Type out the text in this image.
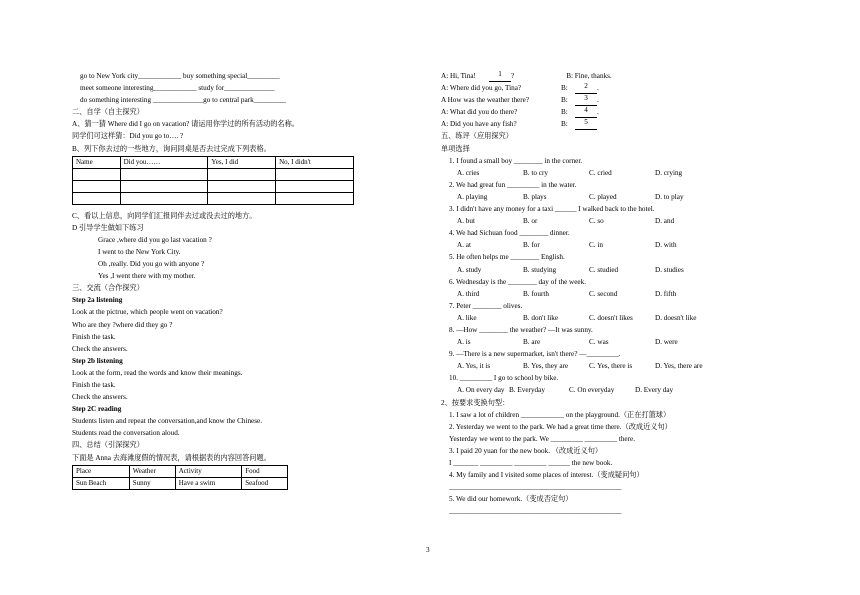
go to New York city____________ buy something special_________
meet someone interesting____________ study for______________
do something interesting ______________go to central park_________
二、自学（自主探究）
A、猜一猜 Where did I go on vacation? 请运用你学过的所有活动的名称。
同学们可这样猜：Did you go to…. ?
B、列下你去过的一些地方，询问同桌是否去过完成下列表格。
Name	Did you……	Yes, I did	No, I didn't

C、看以上信息，向同学们汇报同伴去过或没去过的地方。
D 引导学生做如下练习
Grace ,where did you go last vacation ?
I went to the New York City.
Oh ,really. Did you go with anyone ?
Yes ,I went there with my mother.
三、交流（合作探究）
Step 2a listening
Look at the pictrue, which people went on vacation?
Who are they ?where did they go ?
Finish the task.
Check the answers.
Step 2b listening
Look at the form, read the words and know their meanings.
Finish the task.
Check the answers.
Step 2C reading
Students listen and repeat the conversation,and know the Chinese.
Students read the conversation aloud.
四、总结（引深探究）
下面是 Anna 去海滩度假的情况表，请根据表的内容回答问题。
Place	Weather	Activity	Food
Sun Beach	Sunny	Have a swim	Seafood
A: Hi, Tina!	1	?	B: Fine, thanks.
A: Where did you go, Tina?	B:	2	.
A How was the weather there?	B:	3	.
A: What did you do there?	B:	4	.
A: Did you have any fish?	B:	5
五、练评（应用探究）
单项选择
1. I found a small boy ________ in the corner.
A. cries	B. to cry	C. cried	D. crying
2. We had great fun _________ in the water.
A. playing	B. plays	C. played	D. to play
3. I didn't have any money for a taxi ______ I walked back to the hotel.
A. but	B. or	C. so	D. and
4. We had Sichuan food ________ dinner.
A. at	B. for	C. in	D. with
5. He often helps me ________ English.
A. study	B. studying	C. studied	D. studies
6. Wednesday is the ________ day of the week.
A. third	B. fourth	C. second	D. fifth
7. Peter ________ olives.
A. like	B. don't like	C. doesn't likes	D. doesn't like
8. —How ________ the weather? —It was sunny.
A. is	B. are	C. was	D. were
9. —There is a new supermarket, isn't there? —_________.
A. Yes, it is	B. Yes, they are	C. Yes, there is	D. Yes, there are
10. _________ I go to school by bike.
A. On every day B. Everyday	C. On everyday	D. Every day
2、按要求变换句型：
1. I saw a lot of children ____________ on the playground.（正在打篮球）
2. Yesterday we went to the park. We had a great time there.（改成近义句）
Yesterday we went to the park. We _________ _________ there.
3. I paid 20 yuan for the new book. （改成近义句）
I _______ _________ _________ ______ the new book.
4. My family and I visited some places of interest.（变成疑问句）
________________________________________________
5. We did our homework.（变成否定句）
________________________________________________
3
